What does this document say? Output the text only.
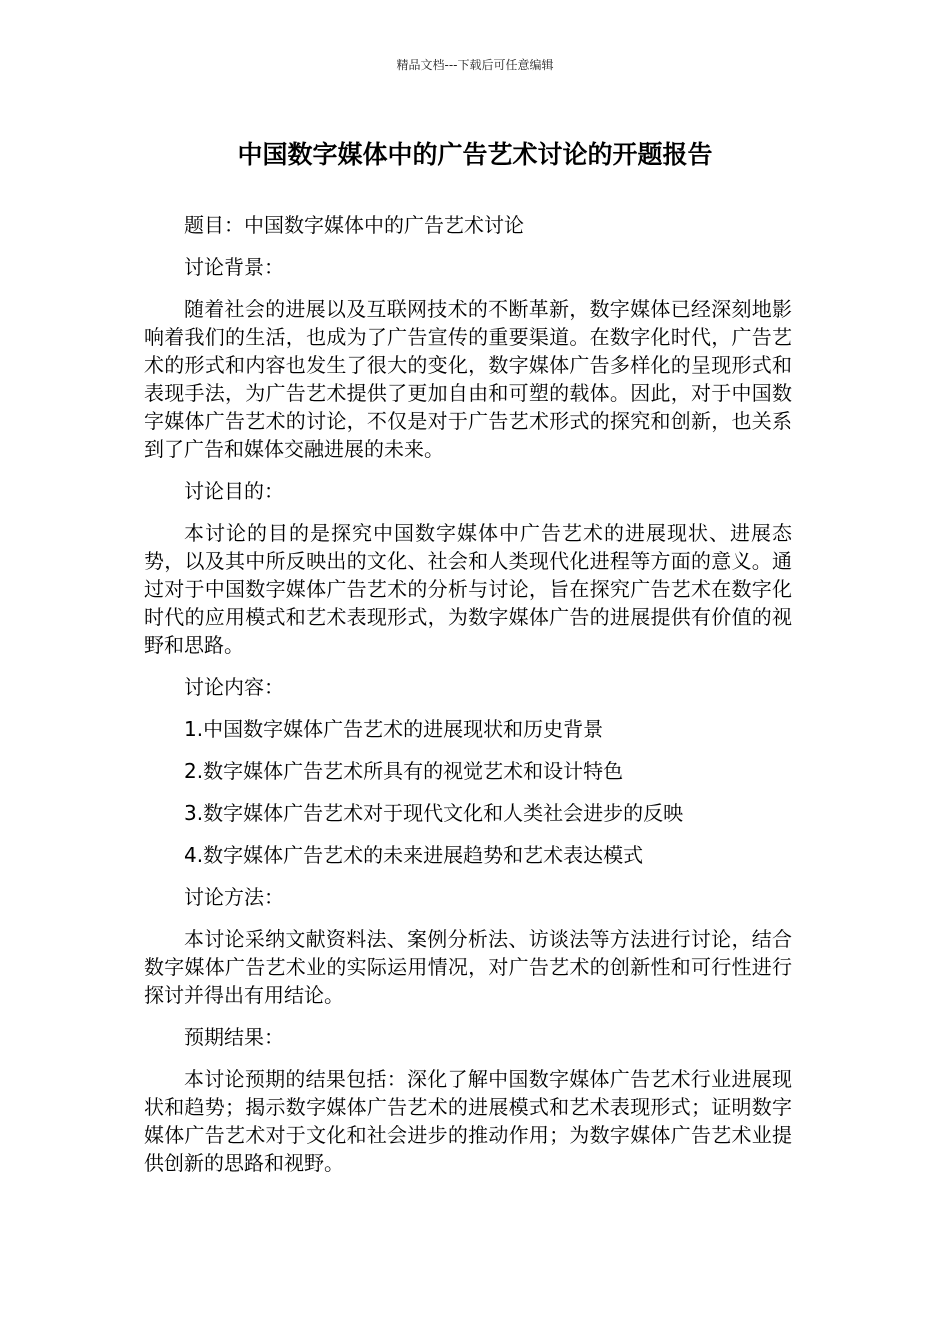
精品文档---下载后可任意编辑
中国数字媒体中的广告艺术讨论的开题报告

题目：中国数字媒体中的广告艺术讨论

讨论背景：

随着社会的进展以及互联网技术的不断革新，数字媒体已经深刻地影响着我们的生活，也成为了广告宣传的重要渠道。在数字化时代，广告艺术的形式和内容也发生了很大的变化，数字媒体广告多样化的呈现形式和表现手法，为广告艺术提供了更加自由和可塑的载体。因此，对于中国数字媒体广告艺术的讨论，不仅是对于广告艺术形式的探究和创新，也关系到了广告和媒体交融进展的未来。

讨论目的：

本讨论的目的是探究中国数字媒体中广告艺术的进展现状、进展态势，以及其中所反映出的文化、社会和人类现代化进程等方面的意义。通过对于中国数字媒体广告艺术的分析与讨论，旨在探究广告艺术在数字化时代的应用模式和艺术表现形式，为数字媒体广告的进展提供有价值的视野和思路。

讨论内容：

1.中国数字媒体广告艺术的进展现状和历史背景

2.数字媒体广告艺术所具有的视觉艺术和设计特色

3.数字媒体广告艺术对于现代文化和人类社会进步的反映

4.数字媒体广告艺术的未来进展趋势和艺术表达模式

讨论方法：

本讨论采纳文献资料法、案例分析法、访谈法等方法进行讨论，结合数字媒体广告艺术业的实际运用情况，对广告艺术的创新性和可行性进行探讨并得出有用结论。

预期结果：

本讨论预期的结果包括：深化了解中国数字媒体广告艺术行业进展现状和趋势；揭示数字媒体广告艺术的进展模式和艺术表现形式；证明数字媒体广告艺术对于文化和社会进步的推动作用；为数字媒体广告艺术业提供创新的思路和视野。
